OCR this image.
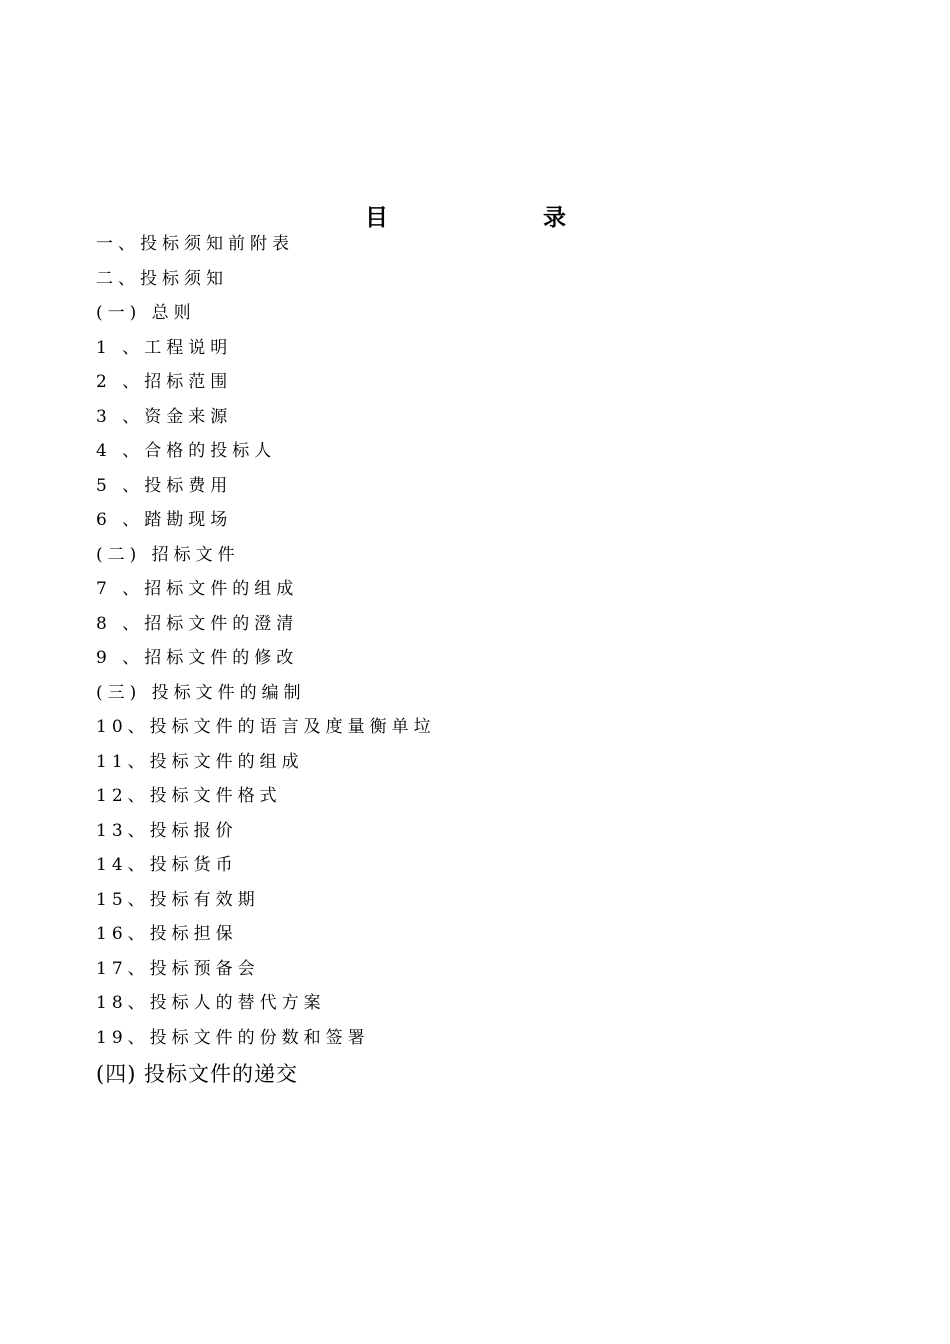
目	录
一、投标须知前附表
二、投标须知
(一) 总则
1 、工程说明
2 、招标范围
3 、资金来源
4 、合格的投标人
5 、投标费用
6 、踏勘现场
(二) 招标文件
7 、招标文件的组成
8 、招标文件的澄清
9 、招标文件的修改
(三) 投标文件的编制
10、投标文件的语言及度量衡单垃
11、投标文件的组成
12、投标文件格式
13、投标报价
14、投标货币
15、投标有效期
16、投标担保
17、投标预备会
18、投标人的替代方案
19、投标文件的份数和签署
(四) 投标文件的递交
